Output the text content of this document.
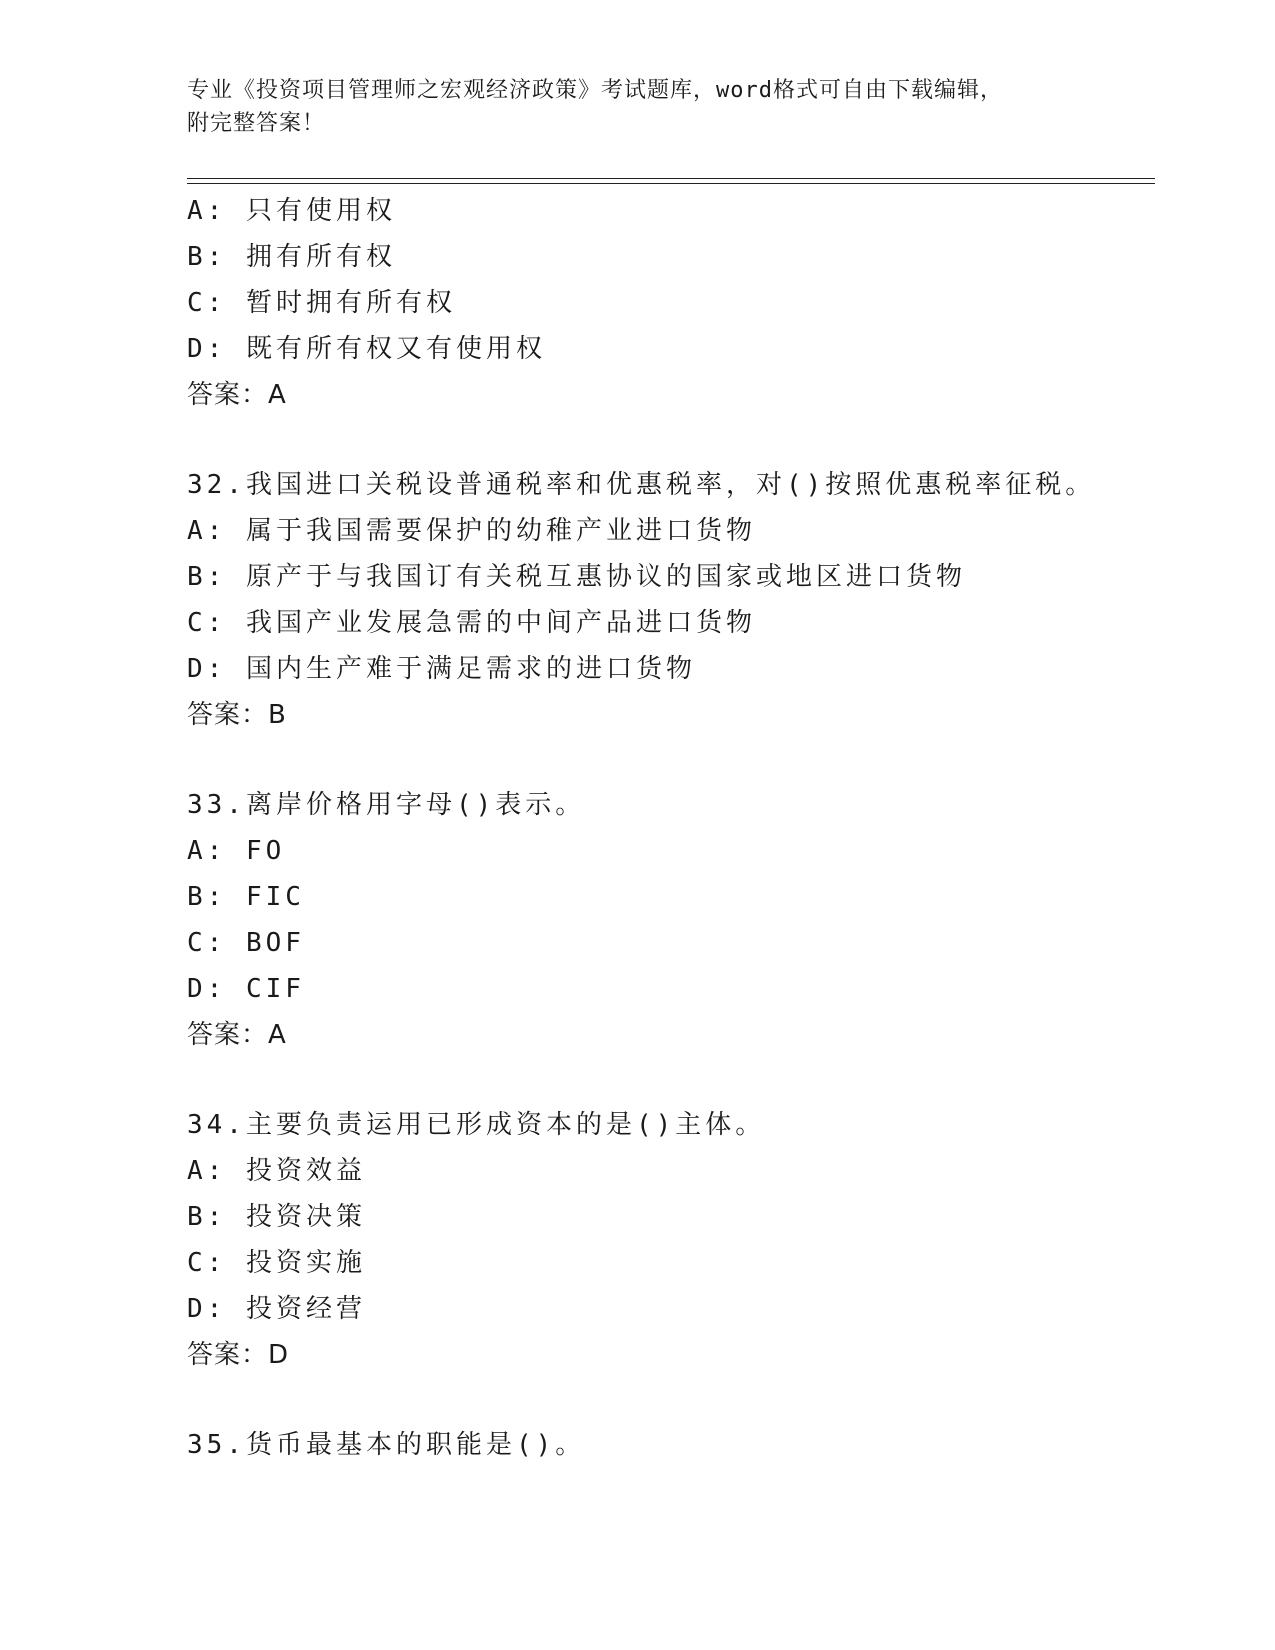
专业《投资项目管理师之宏观经济政策》考试题库，word格式可自由下载编辑，
附完整答案！
A: 只有使用权
B: 拥有所有权
C: 暂时拥有所有权
D: 既有所有权又有使用权
答案：A
32.我国进口关税设普通税率和优惠税率，对()按照优惠税率征税。
A: 属于我国需要保护的幼稚产业进口货物
B: 原产于与我国订有关税互惠协议的国家或地区进口货物
C: 我国产业发展急需的中间产品进口货物
D: 国内生产难于满足需求的进口货物
答案：B
33.离岸价格用字母()表示。
A: FO
B: FIC
C: BOF
D: CIF
答案：A
34.主要负责运用已形成资本的是()主体。
A: 投资效益
B: 投资决策
C: 投资实施
D: 投资经营
答案：D
35.货币最基本的职能是()。
